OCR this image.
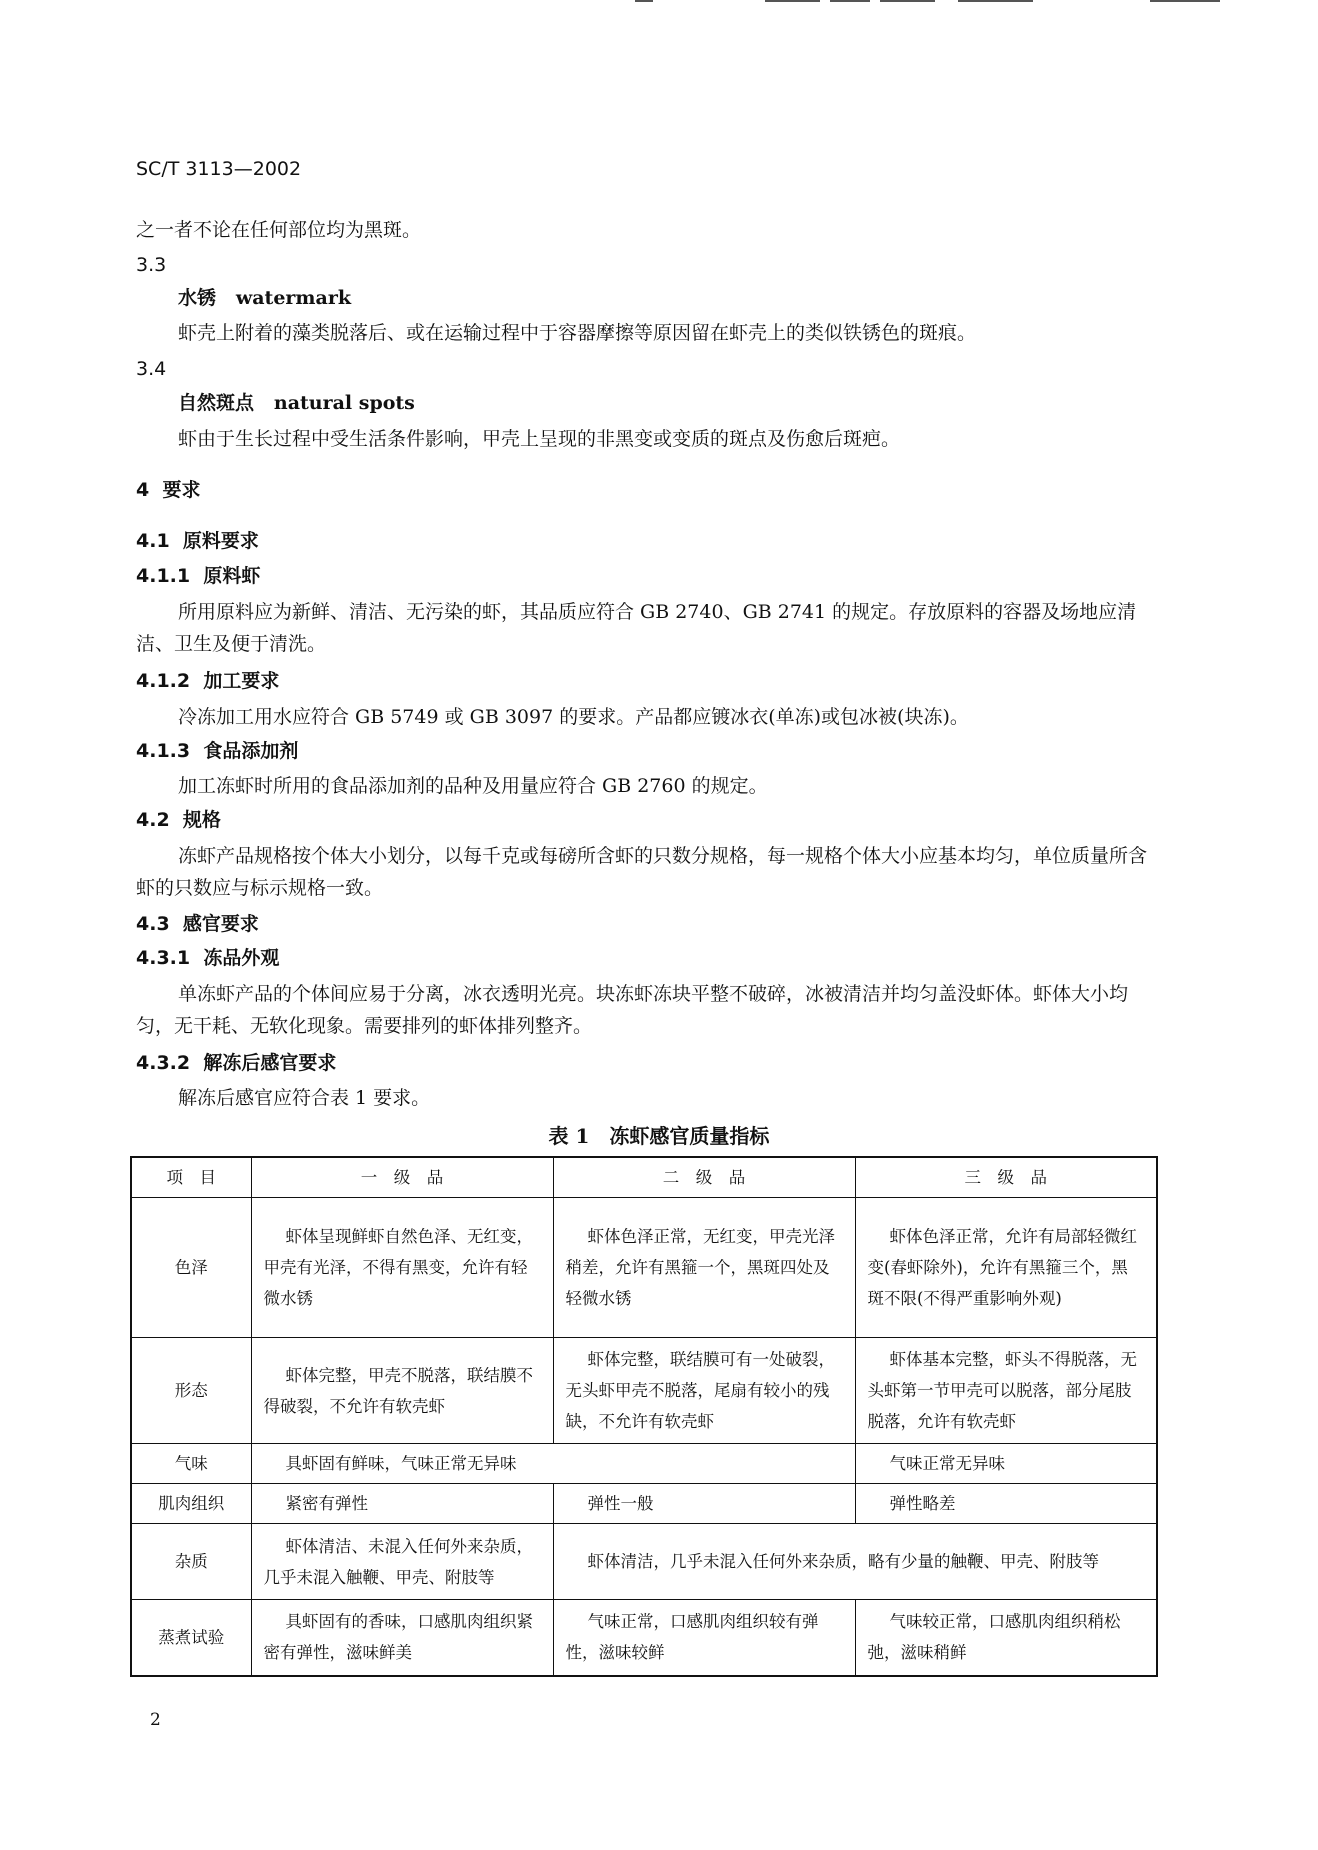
SC/T 3113—2002
之一者不论在任何部位均为黑斑。
3.3
水锈 watermark
虾壳上附着的藻类脱落后、或在运输过程中于容器摩擦等原因留在虾壳上的类似铁锈色的斑痕。
3.4
自然斑点 natural spots
虾由于生长过程中受生活条件影响，甲壳上呈现的非黑变或变质的斑点及伤愈后斑疤。
4 要求
4.1 原料要求
4.1.1 原料虾
所用原料应为新鲜、清洁、无污染的虾，其品质应符合 GB 2740、GB 2741 的规定。存放原料的容器及场地应清洁、卫生及便于清洗。
4.1.2 加工要求
冷冻加工用水应符合 GB 5749 或 GB 3097 的要求。产品都应镀冰衣(单冻)或包冰被(块冻)。
4.1.3 食品添加剂
加工冻虾时所用的食品添加剂的品种及用量应符合 GB 2760 的规定。
4.2 规格
冻虾产品规格按个体大小划分，以每千克或每磅所含虾的只数分规格，每一规格个体大小应基本均匀，单位质量所含虾的只数应与标示规格一致。
4.3 感官要求
4.3.1 冻品外观
单冻虾产品的个体间应易于分离，冰衣透明光亮。块冻虾冻块平整不破碎，冰被清洁并均匀盖没虾体。虾体大小均匀，无干耗、无软化现象。需要排列的虾体排列整齐。
4.3.2 解冻后感官要求
解冻后感官应符合表 1 要求。
表 1　冻虾感官质量指标
项　目	一　级　品	二　级　品	三　级　品
色泽	虾体呈现鲜虾自然色泽、无红变，甲壳有光泽，不得有黑变，允许有轻微水锈	虾体色泽正常，无红变，甲壳光泽稍差，允许有黑箍一个，黑斑四处及轻微水锈	虾体色泽正常，允许有局部轻微红变(春虾除外)，允许有黑箍三个，黑斑不限(不得严重影响外观)
形态	虾体完整，甲壳不脱落，联结膜不得破裂，不允许有软壳虾	虾体完整，联结膜可有一处破裂，无头虾甲壳不脱落，尾扇有较小的残缺，不允许有软壳虾	虾体基本完整，虾头不得脱落，无头虾第一节甲壳可以脱落，部分尾肢脱落，允许有软壳虾
气味	具虾固有鲜味，气味正常无异味		气味正常无异味
肌肉组织	紧密有弹性	弹性一般	弹性略差
杂质	虾体清洁、未混入任何外来杂质，几乎未混入触鞭、甲壳、附肢等	虾体清洁，几乎未混入任何外来杂质，略有少量的触鞭、甲壳、附肢等	
蒸煮试验	具虾固有的香味，口感肌肉组织紧密有弹性，滋味鲜美	气味正常，口感肌肉组织较有弹性，滋味较鲜	气味较正常，口感肌肉组织稍松弛，滋味稍鲜
2
